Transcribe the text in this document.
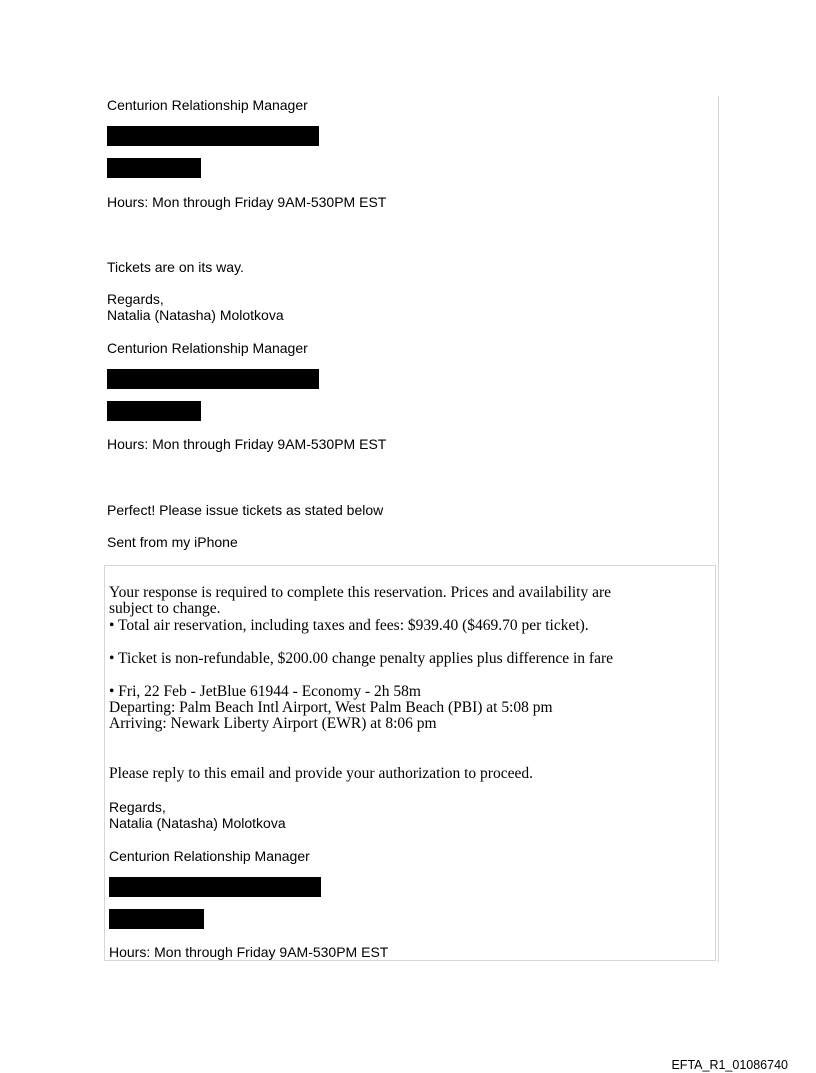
Centurion Relationship Manager
Hours: Mon through Friday 9AM-530PM EST
Tickets are on its way.
Regards,
Natalia (Natasha) Molotkova
Centurion Relationship Manager
Hours: Mon through Friday 9AM-530PM EST
Perfect! Please issue tickets as stated below
Sent from my iPhone
Your response is required to complete this reservation. Prices and availability are
subject to change.
• Total air reservation, including taxes and fees: $939.40 ($469.70 per ticket).
• Ticket is non-refundable, $200.00 change penalty applies plus difference in fare
• Fri, 22 Feb - JetBlue 61944 - Economy - 2h 58m
Departing: Palm Beach Intl Airport, West Palm Beach (PBI) at 5:08 pm
Arriving: Newark Liberty Airport (EWR) at 8:06 pm
Please reply to this email and provide your authorization to proceed.
Regards,
Natalia (Natasha) Molotkova
Centurion Relationship Manager
Hours: Mon through Friday 9AM-530PM EST
EFTA_R1_01086740
